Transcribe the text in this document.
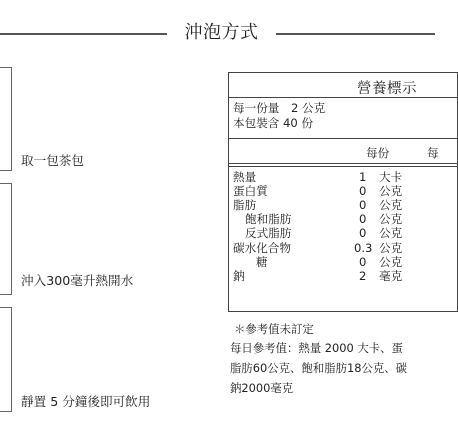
沖泡方式
取一包茶包
沖入300毫升熱開水
靜置 5 分鐘後即可飲用
營養標示
每一份量　2 公克
本包裝含 40 份
每份	每
熱量	1 大卡
蛋白質	0 公克
脂肪	0 公克
飽和脂肪	0 公克
反式脂肪	0 公克
碳水化合物	0.3 公克
糖	0 公克
鈉	2 毫克
＊參考值未訂定
每日參考值：熱量 2000 大卡、蛋
脂肪60公克、飽和脂肪18公克、碳
鈉2000毫克
